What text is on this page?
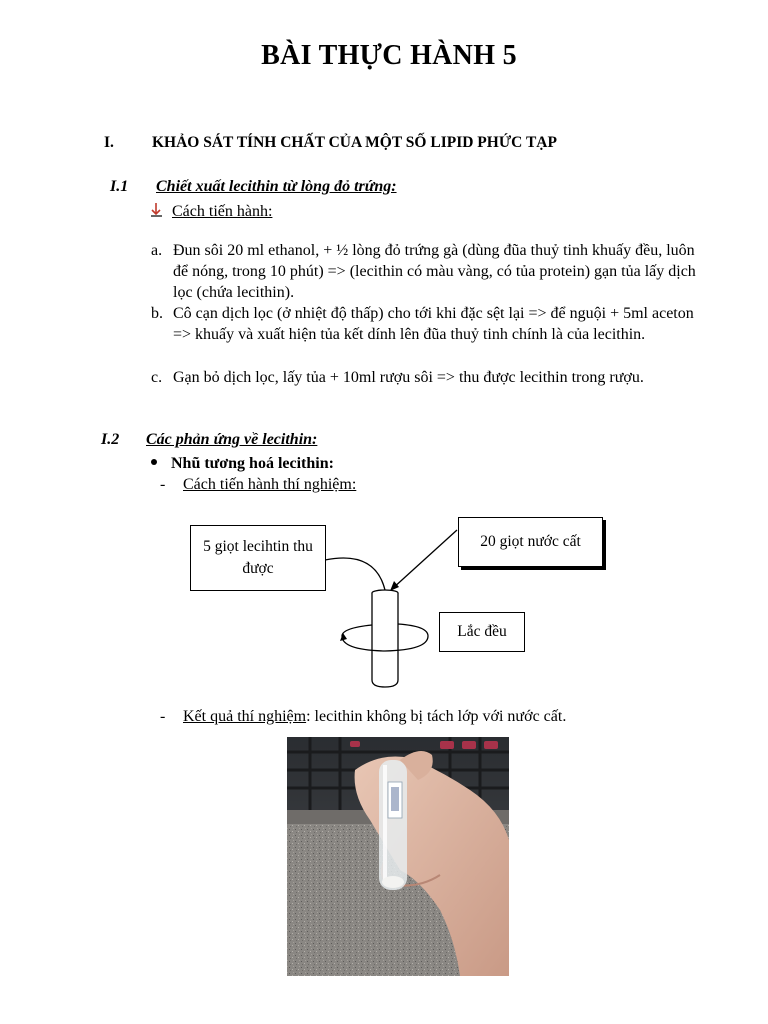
BÀI THỰC HÀNH 5
I. KHẢO SÁT TÍNH CHẤT CỦA MỘT SỐ LIPID PHỨC TẠP
I.1 Chiết xuất lecithin từ lòng đỏ trứng:
Cách tiến hành:
a. Đun sôi 20 ml ethanol, + ½ lòng đỏ trứng gà (dùng đũa thuỷ tinh khuấy đều, luôn để nóng, trong 10 phút) => (lecithin có màu vàng, có tủa protein) gạn tủa lấy dịch lọc (chứa lecithin).
b. Cô cạn dịch lọc (ở nhiệt độ thấp) cho tới khi đặc sệt lại => để nguội + 5ml aceton => khuấy và xuất hiện tủa kết dính lên đũa thuỷ tinh chính là của lecithin.
c. Gạn bỏ dịch lọc, lấy tủa + 10ml rượu sôi => thu được lecithin trong rượu.
I.2 Các phản ứng về lecithin:
Nhũ tương hoá lecithin:
- Cách tiến hành thí nghiệm:
5 giọt lecihtin thu được
20 giọt nước cất
Lắc đều
- Kết quả thí nghiệm: lecithin không bị tách lớp với nước cất.
